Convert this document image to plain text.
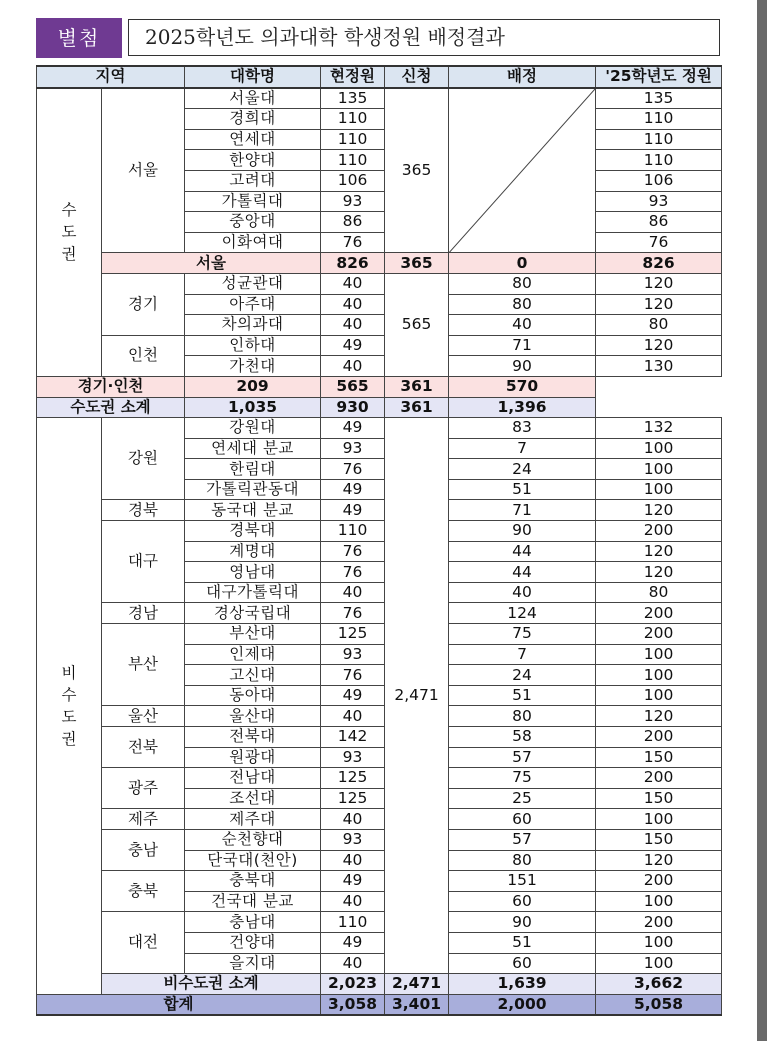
별첨	2025학년도 의과대학 학생정원 배정결과
지역		대학명	현정원	신청	배정	'25학년도 정원
수
도
권	서울	서울대	135	365		135
		경희대	110			110
		연세대	110			110
		한양대	110			110
		고려대	106			106
		가톨릭대	93			93
		중앙대	86			86
		이화여대	76			76
	서울		826	365	0	826
	경기	성균관대	40	565	80	120
		아주대	40		80	120
		차의과대	40		40	80
	인천	인하대	49		71	120
		가천대	40		90	130
경기·인천		209	565	361	570	
수도권 소계		1,035	930	361	1,396	
비
수
도
권	강원	강원대	49	2,471	83	132
		연세대 분교	93		7	100
		한림대	76		24	100
		가톨릭관동대	49		51	100
	경북	동국대 분교	49		71	120
	대구	경북대	110		90	200
		계명대	76		44	120
		영남대	76		44	120
		대구가톨릭대	40		40	80
	경남	경상국립대	76		124	200
	부산	부산대	125		75	200
		인제대	93		7	100
		고신대	76		24	100
		동아대	49		51	100
	울산	울산대	40		80	120
	전북	전북대	142		58	200
		원광대	93		57	150
	광주	전남대	125		75	200
		조선대	125		25	150
	제주	제주대	40		60	100
	충남	순천향대	93		57	150
		단국대(천안)	40		80	120
	충북	충북대	49		151	200
		건국대 분교	40		60	100
	대전	충남대	110		90	200
		건양대	49		51	100
		을지대	40		60	100
	비수도권 소계		2,023	2,471	1,639	3,662
합계			3,058	3,401	2,000	5,058
